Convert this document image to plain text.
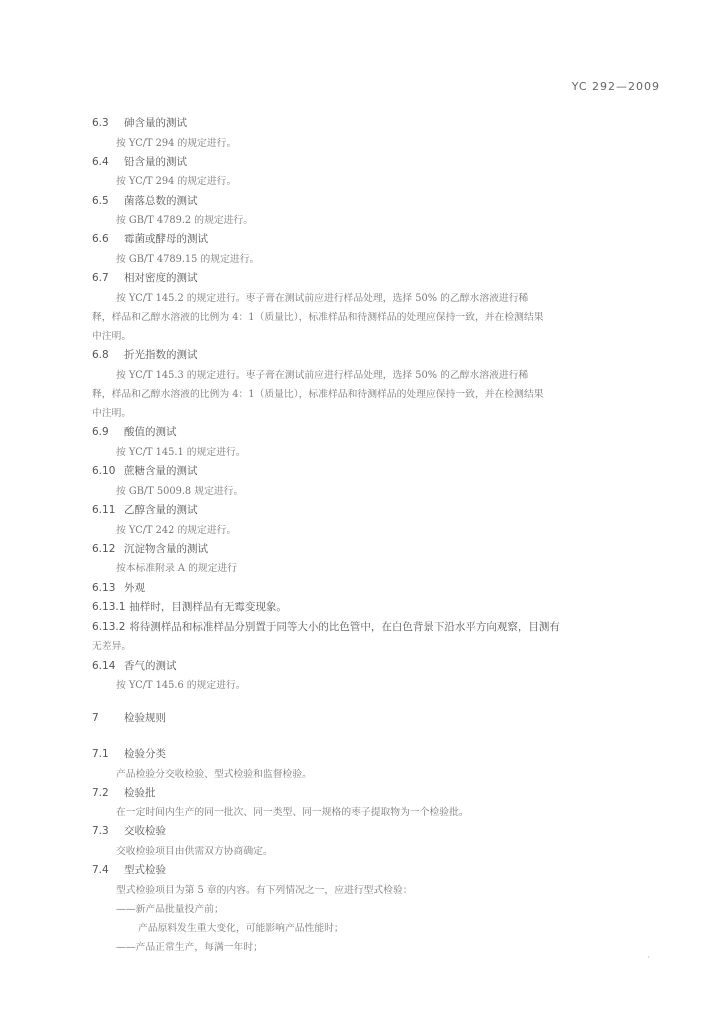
YC 292—2009
6.3 砷含量的测试
按 YC/T 294 的规定进行。
6.4 铅含量的测试
按 YC/T 294 的规定进行。
6.5 菌落总数的测试
按 GB/T 4789.2 的规定进行。
6.6 霉菌或酵母的测试
按 GB/T 4789.15 的规定进行。
6.7 相对密度的测试
按 YC/T 145.2 的规定进行。枣子膏在测试前应进行样品处理，选择 50% 的乙醇水溶液进行稀
释，样品和乙醇水溶液的比例为 4：1（质量比），标准样品和待测样品的处理应保持一致，并在检测结果
中注明。
6.8 折光指数的测试
按 YC/T 145.3 的规定进行。枣子膏在测试前应进行样品处理，选择 50% 的乙醇水溶液进行稀
释，样品和乙醇水溶液的比例为 4：1（质量比），标准样品和待测样品的处理应保持一致，并在检测结果
中注明。
6.9 酸值的测试
按 YC/T 145.1 的规定进行。
6.10 蔗糖含量的测试
按 GB/T 5009.8 规定进行。
6.11 乙醇含量的测试
按 YC/T 242 的规定进行。
6.12 沉淀物含量的测试
按本标准附录 A 的规定进行
6.13 外观
6.13.1 抽样时，目测样品有无霉变现象。
6.13.2 将待测样品和标准样品分别置于同等大小的比色管中，在白色背景下沿水平方向观察，目测有
无差异。
6.14 香气的测试
按 YC/T 145.6 的规定进行。
7 检验规则
7.1 检验分类
产品检验分交收检验、型式检验和监督检验。
7.2 检验批
在一定时间内生产的同一批次、同一类型、同一规格的枣子提取物为一个检验批。
7.3 交收检验
交收检验项目由供需双方协商确定。
7.4 型式检验
型式检验项目为第 5 章的内容。有下列情况之一，应进行型式检验：
——新产品批量投产前；
产品原料发生重大变化，可能影响产品性能时；
——产品正常生产，每满一年时；
·
